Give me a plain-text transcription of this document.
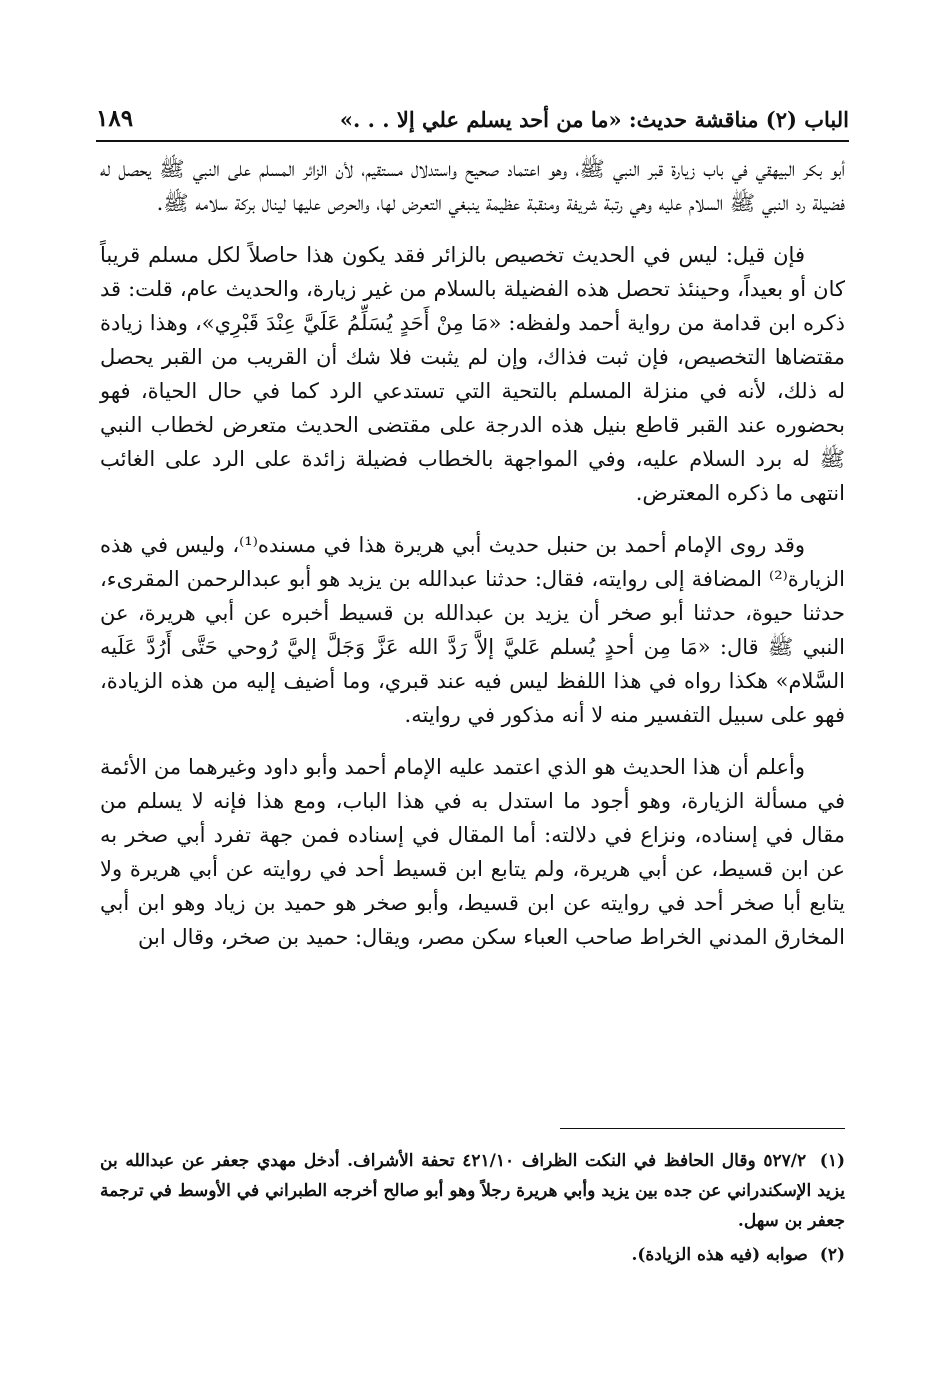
١٨٩	الباب (٢) مناقشة حديث: «ما من أحد يسلم علي إلا . . .»

أبو بكر البيهقي في باب زيارة قبر النبي ﷺ، وهو اعتماد صحيح واستدلال مستقيم، لأن الزائر المسلم على النبي ﷺ يحصل له فضيلة رد النبي ﷺ السلام عليه وهي رتبة شريفة ومنقبة عظيمة ينبغي التعرض لها، والحرص عليها لينال بركة سلامه ﷺ.

فإن قيل: ليس في الحديث تخصيص بالزائر فقد يكون هذا حاصلاً لكل مسلم قريباً كان أو بعيداً، وحينئذ تحصل هذه الفضيلة بالسلام من غير زيارة، والحديث عام، قلت: قد ذكره ابن قدامة من رواية أحمد ولفظه: «مَا مِنْ أَحَدٍ يُسَلِّمُ عَلَيَّ عِنْدَ قَبْرِي»، وهذا زيادة مقتضاها التخصيص، فإن ثبت فذاك، وإن لم يثبت فلا شك أن القريب من القبر يحصل له ذلك، لأنه في منزلة المسلم بالتحية التي تستدعي الرد كما في حال الحياة، فهو بحضوره عند القبر قاطع بنيل هذه الدرجة على مقتضى الحديث متعرض لخطاب النبي ﷺ له برد السلام عليه، وفي المواجهة بالخطاب فضيلة زائدة على الرد على الغائب انتهى ما ذكره المعترض.

وقد روى الإمام أحمد بن حنبل حديث أبي هريرة هذا في مسنده⁽¹⁾، وليس في هذه الزيارة⁽²⁾ المضافة إلى روايته، فقال: حدثنا عبدالله بن يزيد هو أبو عبدالرحمن المقرىء، حدثنا حيوة، حدثنا أبو صخر أن يزيد بن عبدالله بن قسيط أخبره عن أبي هريرة، عن النبي ﷺ قال: «مَا مِن أحدٍ يُسلم عَليَّ إلاَّ رَدَّ الله عَزَّ وَجَلَّ إليَّ رُوحي حَتَّى أَرُدَّ عَلَيه السَّلام» هكذا رواه في هذا اللفظ ليس فيه عند قبري، وما أضيف إليه من هذه الزيادة، فهو على سبيل التفسير منه لا أنه مذكور في روايته.

وأعلم أن هذا الحديث هو الذي اعتمد عليه الإمام أحمد وأبو داود وغيرهما من الأئمة في مسألة الزيارة، وهو أجود ما استدل به في هذا الباب، ومع هذا فإنه لا يسلم من مقال في إسناده، ونزاع في دلالته: أما المقال في إسناده فمن جهة تفرد أبي صخر به عن ابن قسيط، عن أبي هريرة، ولم يتابع ابن قسيط أحد في روايته عن أبي هريرة ولا يتابع أبا صخر أحد في روايته عن ابن قسيط، وأبو صخر هو حميد بن زياد وهو ابن أبي المخارق المدني الخراط صاحب العباء سكن مصر، ويقال: حميد بن صخر، وقال ابن

(١) ٥٢٧/٢ وقال الحافظ في النكت الظراف ٤٢١/١٠ تحفة الأشراف. أدخل مهدي جعفر عن عبدالله بن يزيد الإسكندراني عن جده بين يزيد وأبي هريرة رجلاً وهو أبو صالح أخرجه الطبراني في الأوسط في ترجمة جعفر بن سهل.
(٢) صوابه (فيه هذه الزيادة).
